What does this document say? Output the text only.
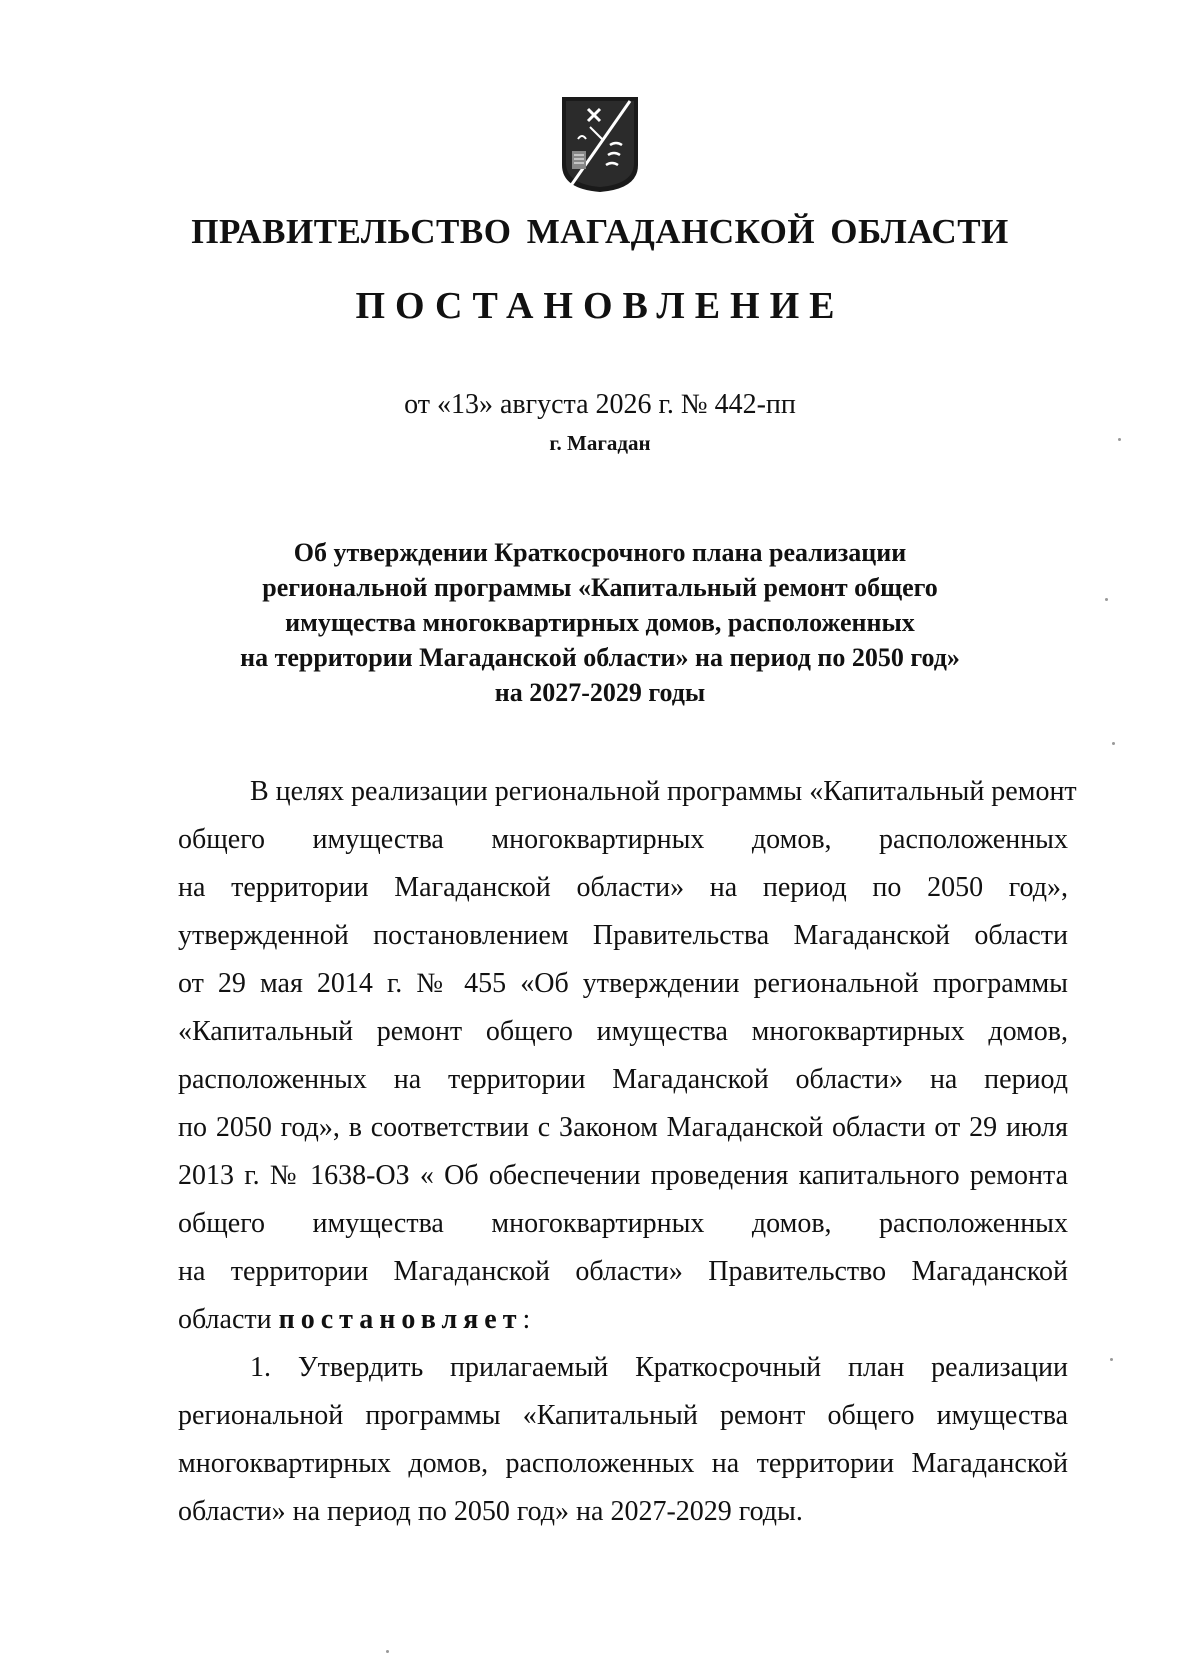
ПРАВИТЕЛЬСТВО МАГАДАНСКОЙ ОБЛАСТИ
ПОСТАНОВЛЕНИЕ
от «13» августа 2026 г. № 442-пп
г. Магадан
Об утверждении Краткосрочного плана реализации
региональной программы «Капитальный ремонт общего
имущества многоквартирных домов, расположенных
на территории Магаданской области» на период по 2050 год»
на 2027-2029 годы
В целях реализации региональной программы «Капитальный ремонт
общего имущества многоквартирных домов, расположенных
на территории Магаданской области» на период по 2050 год»,
утвержденной постановлением Правительства Магаданской области
от 29 мая 2014 г. № 455 «Об утверждении региональной программы
«Капитальный ремонт общего имущества многоквартирных домов,
расположенных на территории Магаданской области» на период
по 2050 год», в соответствии с Законом Магаданской области от 29 июля
2013 г. № 1638-ОЗ « Об обеспечении проведения капитального ремонта
общего имущества многоквартирных домов, расположенных
на территории Магаданской области» Правительство Магаданской
области постановляет:
1. Утвердить прилагаемый Краткосрочный план реализации
региональной программы «Капитальный ремонт общего имущества
многоквартирных домов, расположенных на территории Магаданской
области» на период по 2050 год» на 2027-2029 годы.
